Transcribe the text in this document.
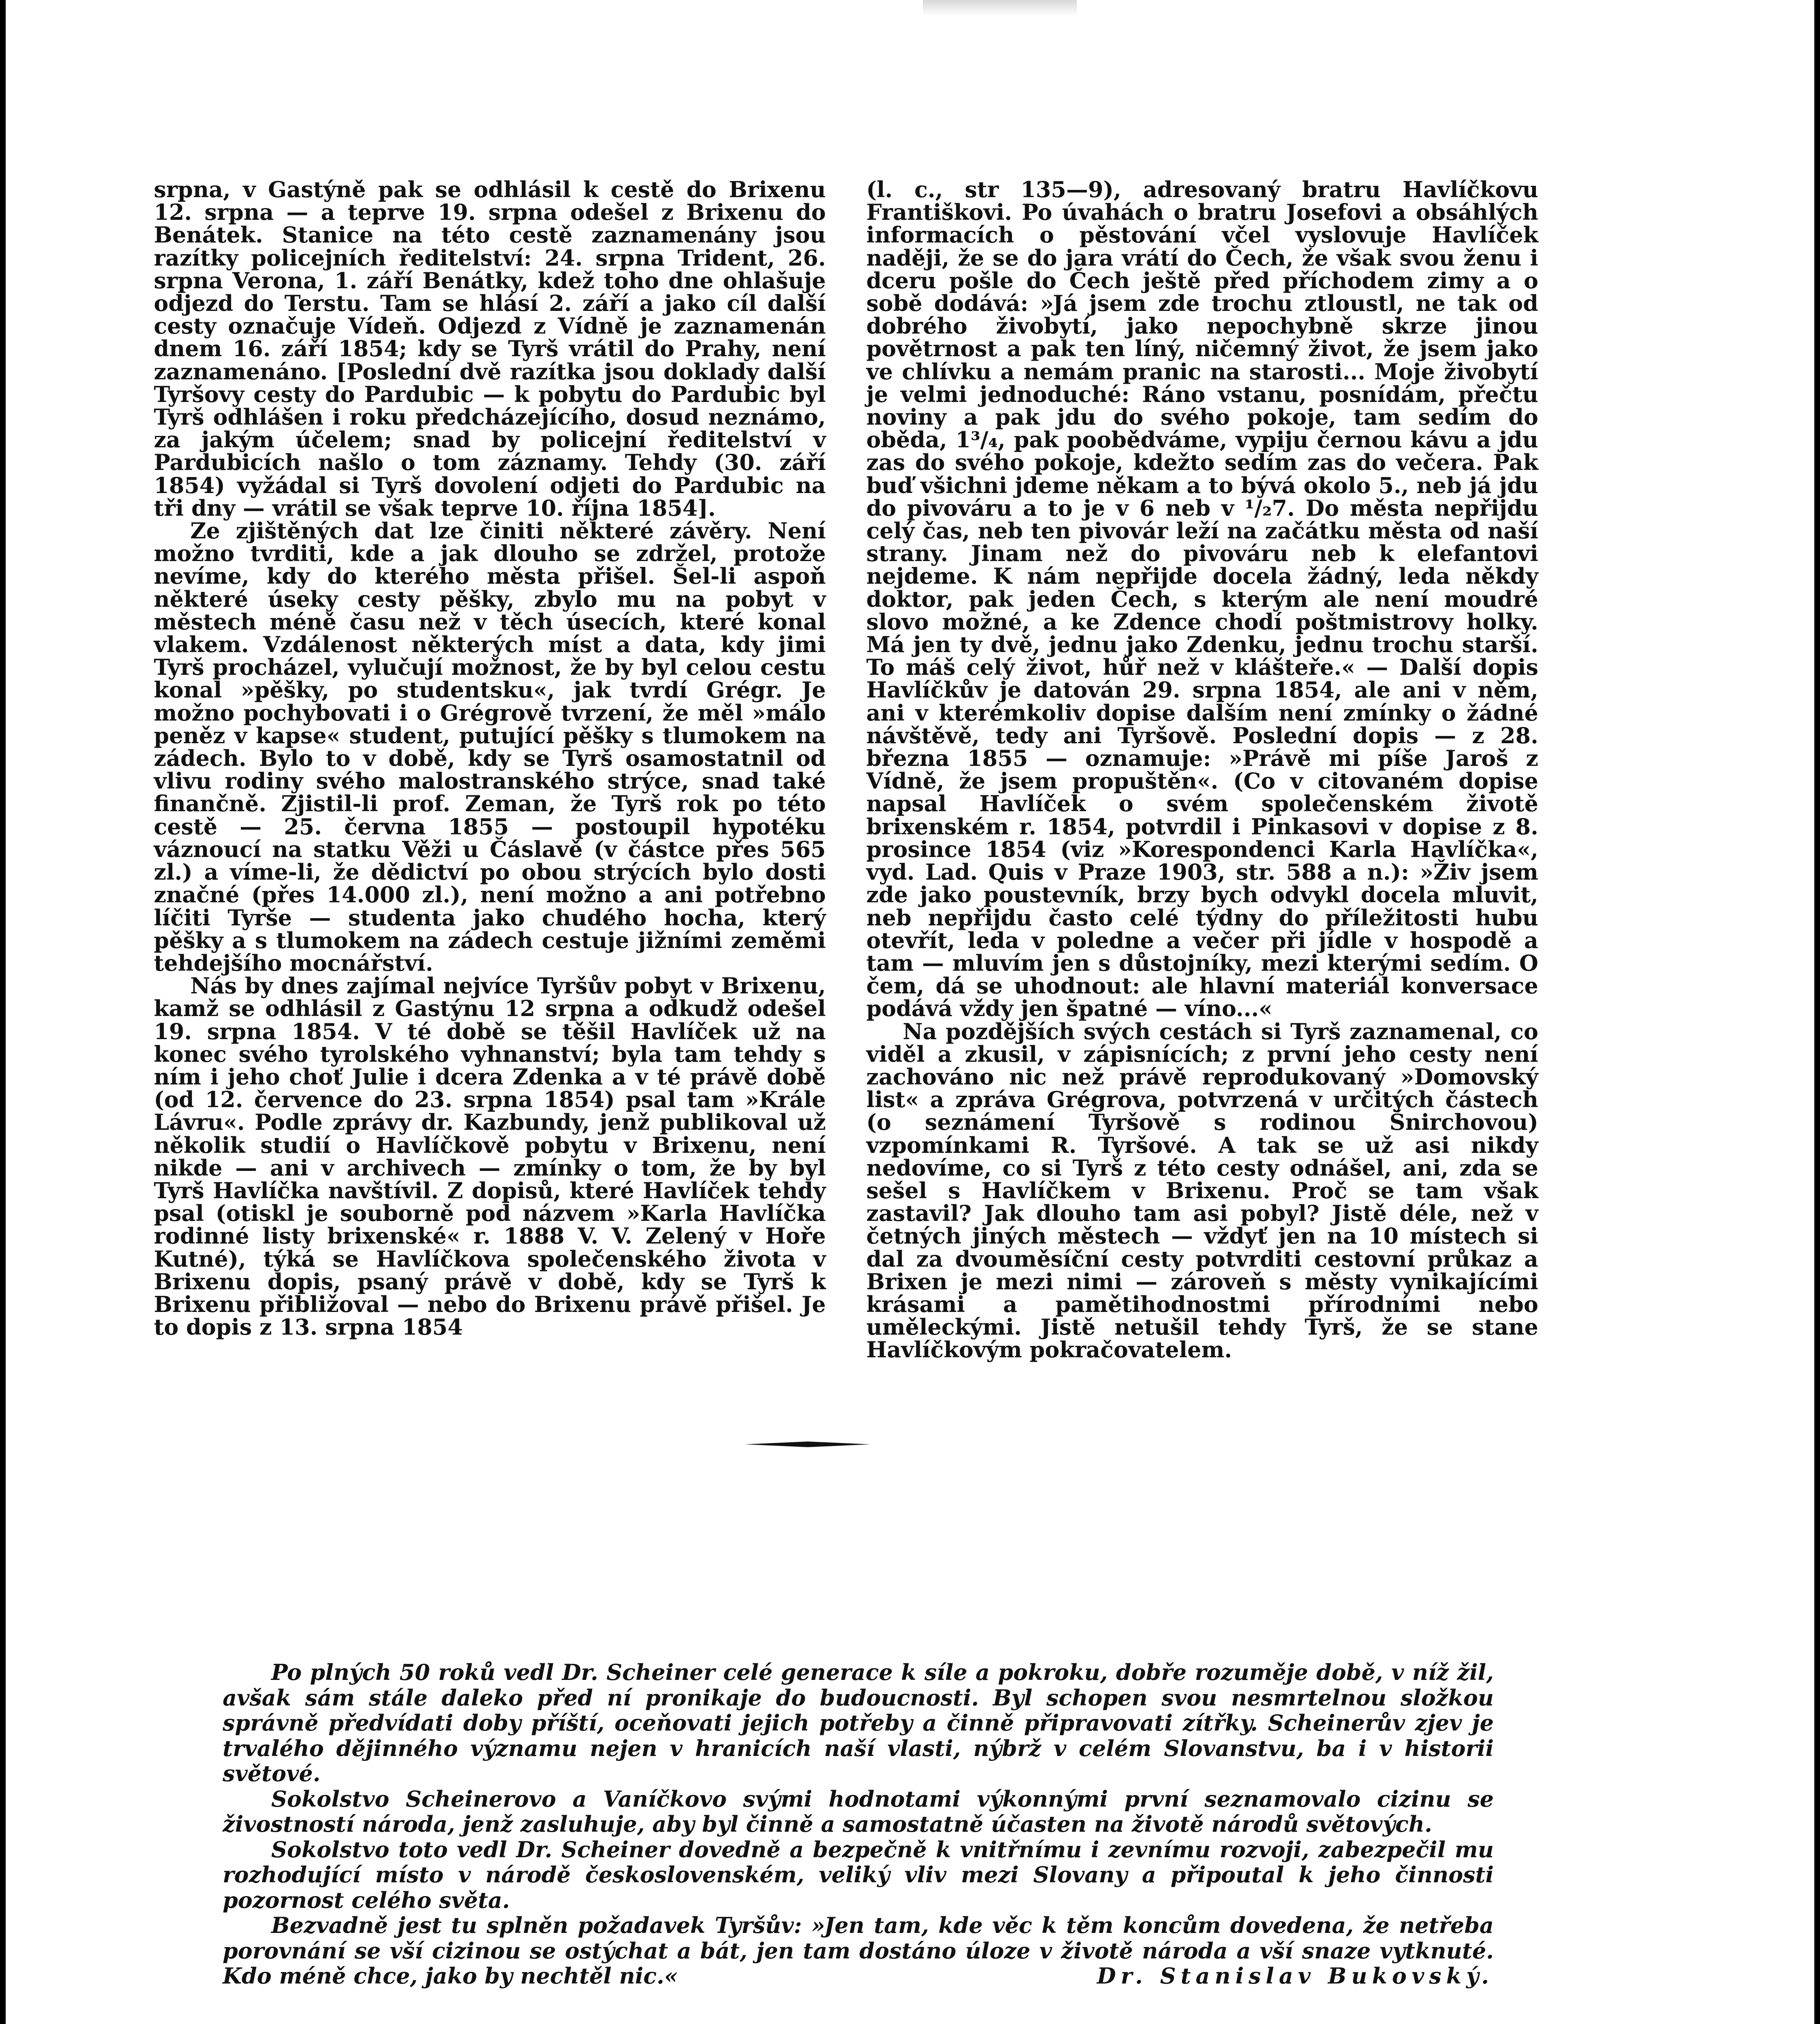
srpna, v Gastýně pak se odhlásil k cestě do Brixenu 12. srpna — a teprve 19. srpna odešel z Brixenu do Benátek. Stanice na této cestě zaznamenány jsou razítky policejních ředitelství: 24. srpna Trident, 26. srpna Verona, 1. září Benátky, kdež toho dne ohlašuje odjezd do Terstu. Tam se hlásí 2. září a jako cíl další cesty označuje Vídeň. Odjezd z Vídně je zaznamenán dnem 16. září 1854; kdy se Tyrš vrátil do Prahy, není zaznamenáno. [Poslední dvě razítka jsou doklady další Tyršovy cesty do Pardubic — k pobytu do Pardubic byl Tyrš odhlášen i roku předcházejícího, dosud neznámo, za jakým účelem; snad by policejní ředitelství v Pardubicích našlo o tom záznamy. Tehdy (30. září 1854) vyžádal si Tyrš dovolení odjeti do Pardubic na tři dny — vrátil se však teprve 10. října 1854].

Ze zjištěných dat lze činiti některé závěry. Není možno tvrditi, kde a jak dlouho se zdržel, protože nevíme, kdy do kterého města přišel. Šel-li aspoň některé úseky cesty pěšky, zbylo mu na pobyt v městech méně času než v těch úsecích, které konal vlakem. Vzdálenost některých míst a data, kdy jimi Tyrš procházel, vylučují možnost, že by byl celou cestu konal »pěšky, po studentsku«, jak tvrdí Grégr. Je možno pochybovati i o Grégrově tvrzení, že měl »málo peněz v kapse« student, putující pěšky s tlumokem na zádech. Bylo to v době, kdy se Tyrš osamostatnil od vlivu rodiny svého malostranského strýce, snad také finančně. Zjistil-li prof. Zeman, že Tyrš rok po této cestě — 25. června 1855 — postoupil hypotéku váznoucí na statku Věži u Čáslavě (v částce přes 565 zl.) a víme-li, že dědictví po obou strýcích bylo dosti značné (přes 14.000 zl.), není možno a ani potřebno líčiti Tyrše — studenta jako chudého hocha, který pěšky a s tlumokem na zádech cestuje jižními zeměmi tehdejšího mocnářství.

Nás by dnes zajímal nejvíce Tyršův pobyt v Brixenu, kamž se odhlásil z Gastýnu 12 srpna a odkudž odešel 19. srpna 1854. V té době se těšil Havlíček už na konec svého tyrolského vyhnanství; byla tam tehdy s ním i jeho choť Julie i dcera Zdenka a v té právě době (od 12. července do 23. srpna 1854) psal tam »Krále Lávru«. Podle zprávy dr. Kazbundy, jenž publikoval už několik studií o Havlíčkově pobytu v Brixenu, není nikde — ani v archivech — zmínky o tom, že by byl Tyrš Havlíčka navštívil. Z dopisů, které Havlíček tehdy psal (otiskl je souborně pod názvem »Karla Havlíčka rodinné listy brixenské« r. 1888 V. V. Zelený v Hoře Kutné), týká se Havlíčkova společenského života v Brixenu dopis, psaný právě v době, kdy se Tyrš k Brixenu přibližoval — nebo do Brixenu právě přišel. Je to dopis z 13. srpna 1854

(l. c., str 135—9), adresovaný bratru Havlíčkovu Františkovi. Po úvahách o bratru Josefovi a obsáhlých informacích o pěstování včel vyslovuje Havlíček naději, že se do jara vrátí do Čech, že však svou ženu i dceru pošle do Čech ještě před příchodem zimy a o sobě dodává: »Já jsem zde trochu ztloustl, ne tak od dobrého živobytí, jako nepochybně skrze jinou povětrnost a pak ten líný, ničemný život, že jsem jako ve chlívku a nemám pranic na starosti... Moje živobytí je velmi jednoduché: Ráno vstanu, posnídám, přečtu noviny a pak jdu do svého pokoje, tam sedím do oběda, 1³/₄, pak poobědváme, vypiju černou kávu a jdu zas do svého pokoje, kdežto sedím zas do večera. Pak buď všichni jdeme někam a to bývá okolo 5., neb já jdu do pivováru a to je v 6 neb v ¹/₂7. Do města nepřijdu celý čas, neb ten pivovár leží na začátku města od naší strany. Jinam než do pivováru neb k elefantovi nejdeme. K nám nepřijde docela žádný, leda někdy doktor, pak jeden Čech, s kterým ale není moudré slovo možné, a ke Zdence chodí poštmistrovy holky. Má jen ty dvě, jednu jako Zdenku, jednu trochu starší. To máš celý život, hůř než v klášteře.« — Další dopis Havlíčkův je datován 29. srpna 1854, ale ani v něm, ani v kterémkoliv dopise dalším není zmínky o žádné návštěvě, tedy ani Tyršově. Poslední dopis — z 28. března 1855 — oznamuje: »Právě mi píše Jaroš z Vídně, že jsem propuštěn«. (Co v citovaném dopise napsal Havlíček o svém společenském životě brixenském r. 1854, potvrdil i Pinkasovi v dopise z 8. prosince 1854 (viz »Korespondenci Karla Havlíčka«, vyd. Lad. Quis v Praze 1903, str. 588 a n.): »Živ jsem zde jako poustevník, brzy bych odvykl docela mluvit, neb nepřijdu často celé týdny do příležitosti hubu otevřít, leda v poledne a večer při jídle v hospodě a tam — mluvím jen s důstojníky, mezi kterými sedím. O čem, dá se uhodnout: ale hlavní materiál konversace podává vždy jen špatné — víno...«

Na pozdějších svých cestách si Tyrš zaznamenal, co viděl a zkusil, v zápisnících; z první jeho cesty není zachováno nic než právě reprodukovaný »Domovský list« a zpráva Grégrova, potvrzená v určitých částech (o seznámení Tyršově s rodinou Šnirchovou) vzpomínkami R. Tyršové. A tak se už asi nikdy nedovíme, co si Tyrš z této cesty odnášel, ani, zda se sešel s Havlíčkem v Brixenu. Proč se tam však zastavil? Jak dlouho tam asi pobyl? Jistě déle, než v četných jiných městech — vždyť jen na 10 místech si dal za dvouměsíční cesty potvrditi cestovní průkaz a Brixen je mezi nimi — zároveň s městy vynikajícími krásami a pamětihodnostmi přírodními nebo uměleckými. Jistě netušil tehdy Tyrš, že se stane Havlíčkovým pokračovatelem.

Po plných 50 roků vedl Dr. Scheiner celé generace k síle a pokroku, dobře rozuměje době, v níž žil, avšak sám stále daleko před ní pronikaje do budoucnosti. Byl schopen svou nesmrtelnou složkou správně předvídati doby příští, oceňovati jejich potřeby a činně připravovati zítřky. Scheinerův zjev je trvalého dějinného významu nejen v hranicích naší vlasti, nýbrž v celém Slovanstvu, ba i v historii světové.

Sokolstvo Scheinerovo a Vaníčkovo svými hodnotami výkonnými první seznamovalo cizinu se živostností národa, jenž zasluhuje, aby byl činně a samostatně účasten na životě národů světových.

Sokolstvo toto vedl Dr. Scheiner dovedně a bezpečně k vnitřnímu i zevnímu rozvoji, zabezpečil mu rozhodující místo v národě československém, veliký vliv mezi Slovany a připoutal k jeho činnosti pozornost celého světa.

Bezvadně jest tu splněn požadavek Tyršův: »Jen tam, kde věc k těm koncům dovedena, že netřeba porovnání se vší cizinou se ostýchat a bát, jen tam dostáno úloze v životě národa a vší snaze vytknuté. Kdo méně chce, jako by nechtěl nic.«	Dr. Stanislav Bukovský.
